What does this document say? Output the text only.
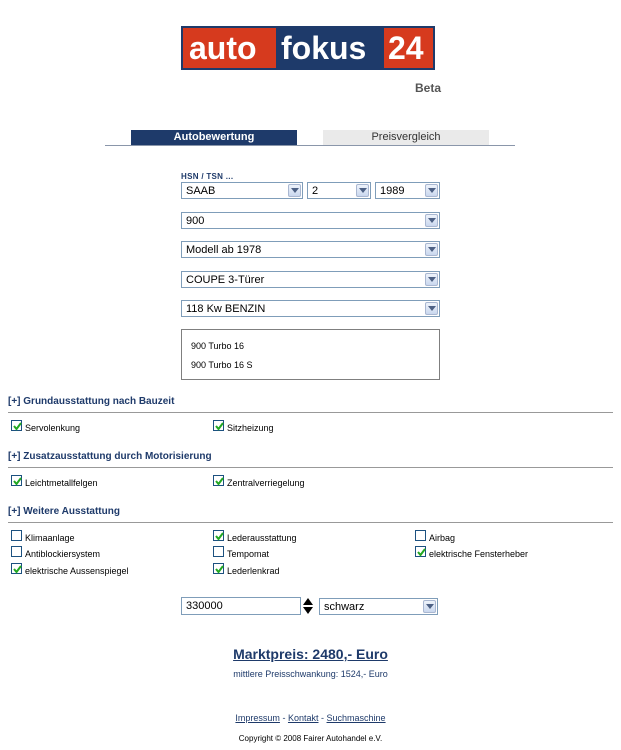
auto fokus 24
Beta
Autobewertung	Preisvergleich
HSN / TSN ...
SAAB	2	1989
900
Modell ab 1978
COUPE 3-Türer
118 Kw BENZIN
900 Turbo 16
900 Turbo 16 S
[+] Grundausstattung nach Bauzeit
Servolenkung	Sitzheizung
[+] Zusatzausstattung durch Motorisierung
Leichtmetallfelgen	Zentralverriegelung
[+] Weitere Ausstattung
Klimaanlage	Lederausstattung	Airbag
Antiblockiersystem	Tempomat	elektrische Fensterheber
elektrische Aussenspiegel	Lederlenkrad
330000	schwarz
Marktpreis: 2480,- Euro
mittlere Preisschwankung: 1524,- Euro
Impressum - Kontakt - Suchmaschine
Copyright © 2008 Fairer Autohandel e.V.
